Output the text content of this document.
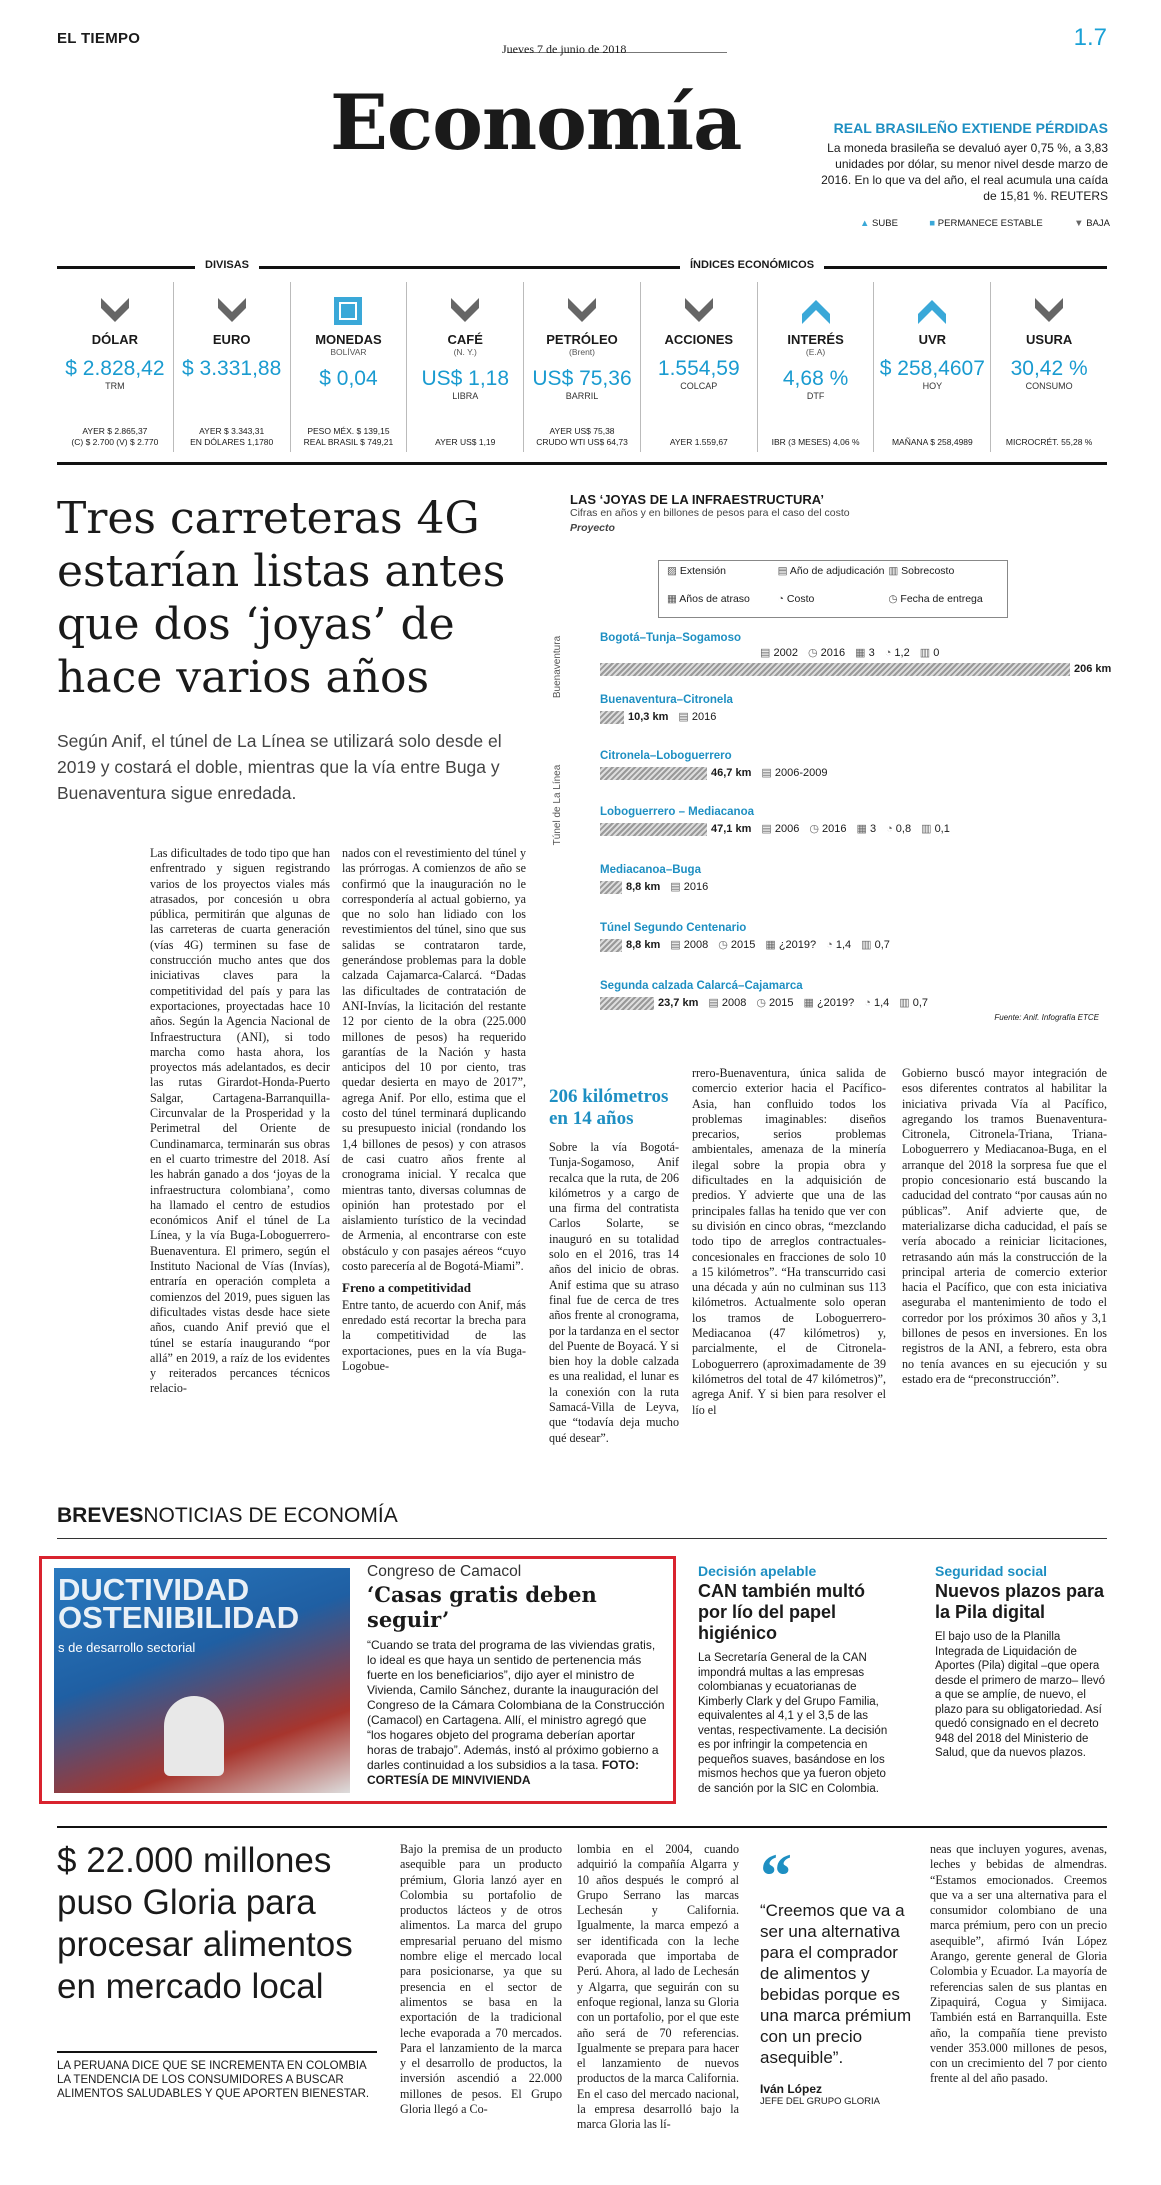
EL TIEMPO
Jueves 7 de junio de 2018	1.7
Economía	REAL BRASILEÑO EXTIENDE PÉRDIDAS

La moneda brasileña se devaluó ayer 0,75 %, a 3,83 unidades por dólar, su menor nivel desde marzo de 2016. En lo que va del año, el real acumula una caída de 15,81 %. REUTERS

▲ SUBE	■ PERMANECE ESTABLE	▼ BAJA
DIVISAS	ÍNDICES ECONÓMICOS
DÓLAR
$ 2.828,42
TRM
AYER $ 2.865,37
(C) $ 2.700 (V) $ 2.770
EURO
$ 3.331,88
AYER $ 3.343,31
EN DÓLARES 1,1780
MONEDAS
BOLÍVAR
$ 0,04
PESO MÉX. $ 139,15
REAL BRASIL $ 749,21
CAFÉ
(N. Y.)
US$ 1,18
LIBRA
AYER US$ 1,19
PETRÓLEO
(Brent)
US$ 75,36
BARRIL
AYER US$ 75,38
CRUDO WTI US$ 64,73
ACCIONES
1.554,59
COLCAP
AYER 1.559,67
INTERÉS
(E.A)
4,68 %
DTF
IBR (3 MESES) 4,06 %
UVR
$ 258,4607
HOY
MAÑANA $ 258,4989
USURA
30,42 %
CONSUMO
MICROCRÉT. 55,28 %
Tres carreteras 4G estarían listas antes que dos ‘joyas’ de hace varios años
Según Anif, el túnel de La Línea se utilizará solo desde el 2019 y costará el doble, mientras que la vía entre Buga y Buenaventura sigue enredada.
Las dificultades de todo tipo que han enfrentrado y siguen registrando varios de los proyectos viales más atrasados, por concesión u obra pública, permitirán que algunas de las carreteras de cuarta generación (vías 4G) terminen su fase de construcción mucho antes que dos iniciativas claves para la competitividad del país y para las exportaciones, proyectadas hace 10 años. Según la Agencia Nacional de Infraestructura (ANI), si todo marcha como hasta ahora, los proyectos más adelantados, es decir las rutas Girardot-Honda-Puerto Salgar, Cartagena-Barranquilla-Circunvalar de la Prosperidad y la Perimetral del Oriente de Cundinamarca, terminarán sus obras en el cuarto trimestre del 2018. Así les habrán ganado a dos ‘joyas de la infraestructura colombiana’, como ha llamado el centro de estudios económicos Anif el túnel de La Línea, y la vía Buga-Loboguerrero-Buenaventura. El primero, según el Instituto Nacional de Vías (Invías), entraría en operación completa a comienzos del 2019, pues siguen las dificultades vistas desde hace siete años, cuando Anif previó que el túnel se estaría inaugurando “por allá” en 2019, a raíz de los evidentes y reiterados percances técnicos relacio-

nados con el revestimiento del túnel y las prórrogas. A comienzos de año se confirmó que la inauguración no le correspondería al actual gobierno, ya que no solo han lidiado con los revestimientos del túnel, sino que sus salidas se contrataron tarde, generándose problemas para la doble calzada Cajamarca-Calarcá. “Dadas las dificultades de contratación de ANI-Invías, la licitación del restante 12 por ciento de la obra (225.000 millones de pesos) ha requerido garantías de la Nación y hasta anticipos del 10 por ciento, tras quedar desierta en mayo de 2017”, agrega Anif. Por ello, estima que el costo del túnel terminará duplicando su presupuesto inicial (rondando los 1,4 billones de pesos) y con atrasos de casi cuatro años frente al cronograma inicial. Y recalca que mientras tanto, diversas columnas de opinión han protestado por el aislamiento turístico de la vecindad de Armenia, al encontrarse con este obstáculo y con pasajes aéreos “cuyo costo parecería al de Bogotá-Miami”.

Freno a competitividad

Entre tanto, de acuerdo con Anif, más enredado está recortar la brecha para la competitividad de las exportaciones, pues en la vía Buga-Logobue-

LAS ‘JOYAS DE LA INFRAESTRUCTURA’
Cifras en años y en billones de pesos para el caso del costo
Proyecto
▨ Extensión	▤ Año de adjudicación ▥ Sobrecosto
▦ Años de atraso	◔ Costo	◷ Fecha de entrega
Bogotá–Tunja–Sogamoso
▤ 2002 ◷ 2016 ▦ 3 ◔ 1,2 ▥ 0
206 km
Buenaventura–Citronela
10,3 km ▤ 2016
Citronela–Loboguerrero
46,7 km ▤ 2006-2009
Loboguerrero – Mediacanoa
47,1 km ▤ 2006 ◷ 2016 ▦ 3 ◔ 0,8 ▥ 0,1
Mediacanoa–Buga
8,8 km ▤ 2016
Túnel Segundo Centenario
8,8 km ▤ 2008 ◷ 2015 ▦ ¿2019? ◔ 1,4 ▥ 0,7
Segunda calzada Calarcá–Cajamarca
23,7 km ▤ 2008 ◷ 2015 ▦ ¿2019? ◔ 1,4 ▥ 0,7
Buenaventura
Túnel de La Línea
Fuente: Anif. Infografía ETCE
206 kilómetros en 14 años
Sobre la vía Bogotá-Tunja-Sogamoso, Anif recalca que la ruta, de 206 kilómetros y a cargo de una firma del contratista Carlos Solarte, se inauguró en su totalidad solo en el 2016, tras 14 años del inicio de obras. Anif estima que su atraso final fue de cerca de tres años frente al cronograma, por la tardanza en el sector del Puente de Boyacá. Y si bien hoy la doble calzada es una realidad, el lunar es la conexión con la ruta Samacá-Villa de Leyva, que “todavía deja mucho qué desear”.
rrero-Buenaventura, única salida de comercio exterior hacia el Pacífico-Asia, han confluido todos los problemas imaginables: diseños precarios, serios problemas ambientales, amenaza de la minería ilegal sobre la propia obra y dificultades en la adquisición de predios. Y advierte que una de las principales fallas ha tenido que ver con su división en cinco obras, “mezclando todo tipo de arreglos contractuales-concesionales en fracciones de solo 10 a 15 kilómetros”. “Ha transcurrido casi una década y aún no culminan sus 113 kilómetros. Actualmente solo operan los tramos de Loboguerrero-Mediacanoa (47 kilómetros) y, parcialmente, el de Citronela-Loboguerrero (aproximadamente de 39 kilómetros del total de 47 kilómetros)”, agrega Anif. Y si bien para resolver el lío el
Gobierno buscó mayor integración de esos diferentes contratos al habilitar la iniciativa privada Vía al Pacífico, agregando los tramos Buenaventura-Citronela, Citronela-Triana, Triana-Loboguerrero y Mediacanoa-Buga, en el arranque del 2018 la sorpresa fue que el propio concesionario está buscando la caducidad del contrato “por causas aún no públicas”. Anif advierte que, de materializarse dicha caducidad, el país se vería abocado a reiniciar licitaciones, retrasando aún más la construcción de la principal arteria de comercio exterior hacia el Pacífico, que con esta iniciativa aseguraba el mantenimiento de todo el corredor por los próximos 30 años y 3,1 billones de pesos en inversiones. En los registros de la ANI, a febrero, esta obra no tenía avances en su ejecución y su estado era de “preconstrucción”.
BREVESNOTICIAS DE ECONOMÍA
DUCTIVIDAD OSTENIBILIDAD
s de desarrollo sectorial
Congreso de Camacol
‘Casas gratis deben seguir’

“Cuando se trata del programa de las viviendas gratis, lo ideal es que haya un sentido de pertenencia más fuerte en los beneficiarios”, dijo ayer el ministro de Vivienda, Camilo Sánchez, durante la inauguración del Congreso de la Cámara Colombiana de la Construcción (Camacol) en Cartagena. Allí, el ministro agregó que “los hogares objeto del programa deberían aportar horas de trabajo”. Además, instó al próximo gobierno a darles continuidad a los subsidios a la tasa. FOTO: CORTESÍA DE MINVIVIENDA

Decisión apelable
CAN también multó por lío del papel higiénico
La Secretaría General de la CAN impondrá multas a las empresas colombianas y ecuatorianas de Kimberly Clark y del Grupo Familia, equivalentes al 4,1 y el 3,5 de las ventas, respectivamente. La decisión es por infringir la competencia en pequeños suaves, basándose en los mismos hechos que ya fueron objeto de sanción por la SIC en Colombia.
Seguridad social
Nuevos plazos para la Pila digital
El bajo uso de la Planilla Integrada de Liquidación de Aportes (Pila) digital –que opera desde el primero de marzo– llevó a que se amplíe, de nuevo, el plazo para su obligatoriedad. Así quedó consignado en el decreto 948 del 2018 del Ministerio de Salud, que da nuevos plazos.
$ 22.000 millones puso Gloria para procesar alimentos en mercado local
LA PERUANA DICE QUE SE INCREMENTA EN COLOMBIA LA TENDENCIA DE LOS CONSUMIDORES A BUSCAR ALIMENTOS SALUDABLES Y QUE APORTEN BIENESTAR.
Bajo la premisa de un producto asequible para un producto prémium, Gloria lanzó ayer en Colombia su portafolio de productos lácteos y de otros alimentos. La marca del grupo empresarial peruano del mismo nombre elige el mercado local para posicionarse, ya que su presencia en el sector de alimentos se basa en la exportación de la tradicional leche evaporada a 70 mercados. Para el lanzamiento de la marca y el desarrollo de productos, la inversión ascendió a 22.000 millones de pesos. El Grupo Gloria llegó a Co-
lombia en el 2004, cuando adquirió la compañía Algarra y 10 años después le compró al Grupo Serrano las marcas Lechesán y California. Igualmente, la marca empezó a ser identificada con la leche evaporada que importaba de Perú. Ahora, al lado de Lechesán y Algarra, que seguirán con su enfoque regional, lanza su Gloria con un portafolio, por el que este año será de 70 referencias. Igualmente se prepara para hacer el lanzamiento de nuevos productos de la marca California. En el caso del mercado nacional, la empresa desarrolló bajo la marca Gloria las lí-
“
“Creemos que va a ser una alternativa para el comprador de alimentos y bebidas porque es una marca prémium con un precio asequible”.
Iván López
JEFE DEL GRUPO GLORIA
neas que incluyen yogures, avenas, leches y bebidas de almendras. “Estamos emocionados. Creemos que va a ser una alternativa para el consumidor colombiano de una marca prémium, pero con un precio asequible”, afirmó Iván López Arango, gerente general de Gloria Colombia y Ecuador. La mayoría de referencias salen de sus plantas en Zipaquirá, Cogua y Simijaca. También está en Barranquilla. Este año, la compañía tiene previsto vender 353.000 millones de pesos, con un crecimiento del 7 por ciento frente al del año pasado.
